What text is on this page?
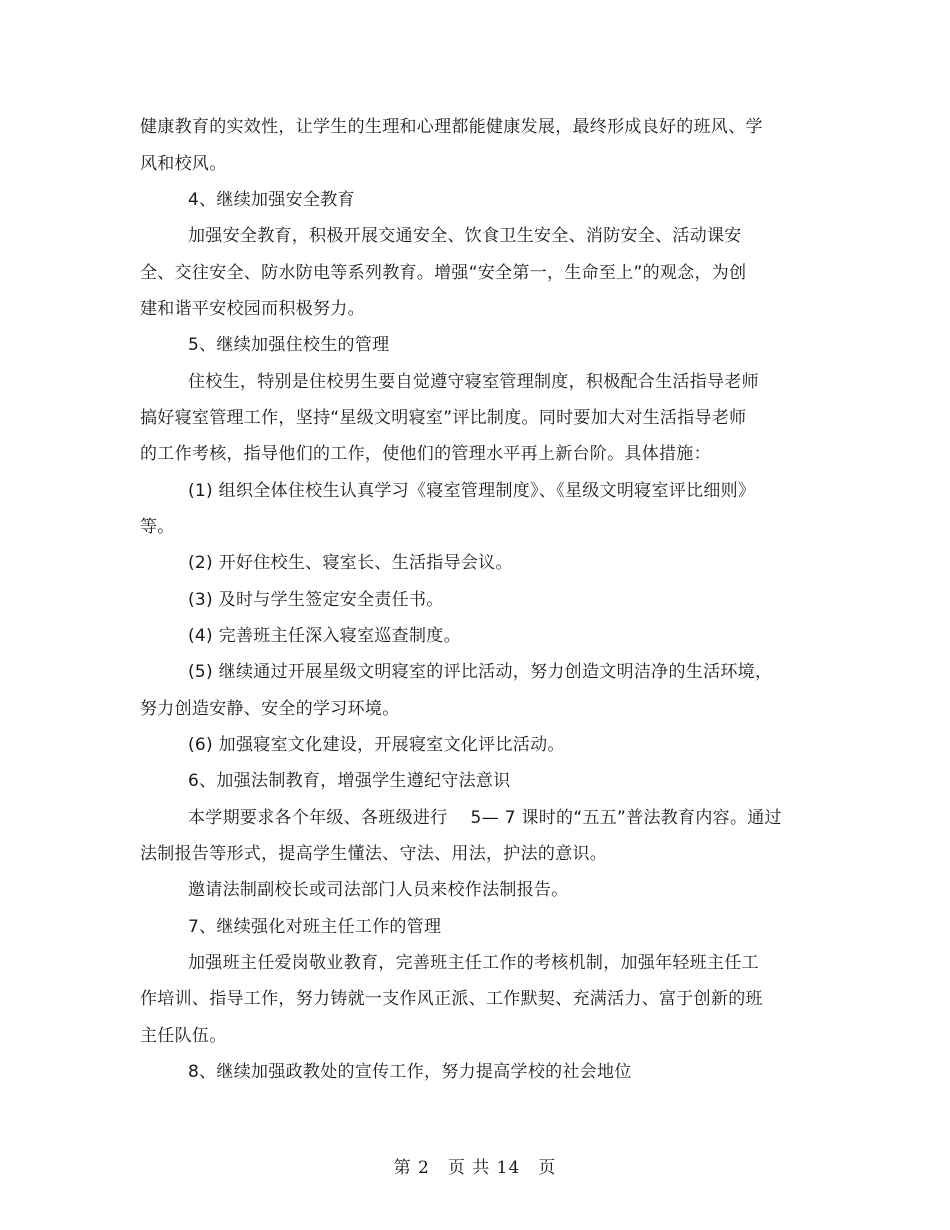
健康教育的实效性，让学生的生理和心理都能健康发展，最终形成良好的班风、学
风和校风。
4、继续加强安全教育
加强安全教育，积极开展交通安全、饮食卫生安全、消防安全、活动课安
全、交往安全、防水防电等系列教育。增强“安全第一，生命至上”的观念，为创
建和谐平安校园而积极努力。
5、继续加强住校生的管理
住校生，特别是住校男生要自觉遵守寝室管理制度，积极配合生活指导老师
搞好寝室管理工作，坚持“星级文明寝室”评比制度。同时要加大对生活指导老师
的工作考核，指导他们的工作，使他们的管理水平再上新台阶。具体措施：
(1) 组织全体住校生认真学习《寝室管理制度》、《星级文明寝室评比细则》
等。
(2) 开好住校生、寝室长、生活指导会议。
(3) 及时与学生签定安全责任书。
(4) 完善班主任深入寝室巡查制度。
(5) 继续通过开展星级文明寝室的评比活动，努力创造文明洁净的生活环境，
努力创造安静、安全的学习环境。
(6) 加强寝室文化建设，开展寝室文化评比活动。
6、加强法制教育，增强学生遵纪守法意识
本学期要求各个年级、各班级进行　 5— 7 课时的“五五”普法教育内容。通过
法制报告等形式，提高学生懂法、守法、用法，护法的意识。
邀请法制副校长或司法部门人员来校作法制报告。
7、继续强化对班主任工作的管理
加强班主任爱岗敬业教育，完善班主任工作的考核机制，加强年轻班主任工
作培训、指导工作，努力铸就一支作风正派、工作默契、充满活力、富于创新的班
主任队伍。
8、继续加强政教处的宣传工作，努力提高学校的社会地位
第 2　页 共 14　页
